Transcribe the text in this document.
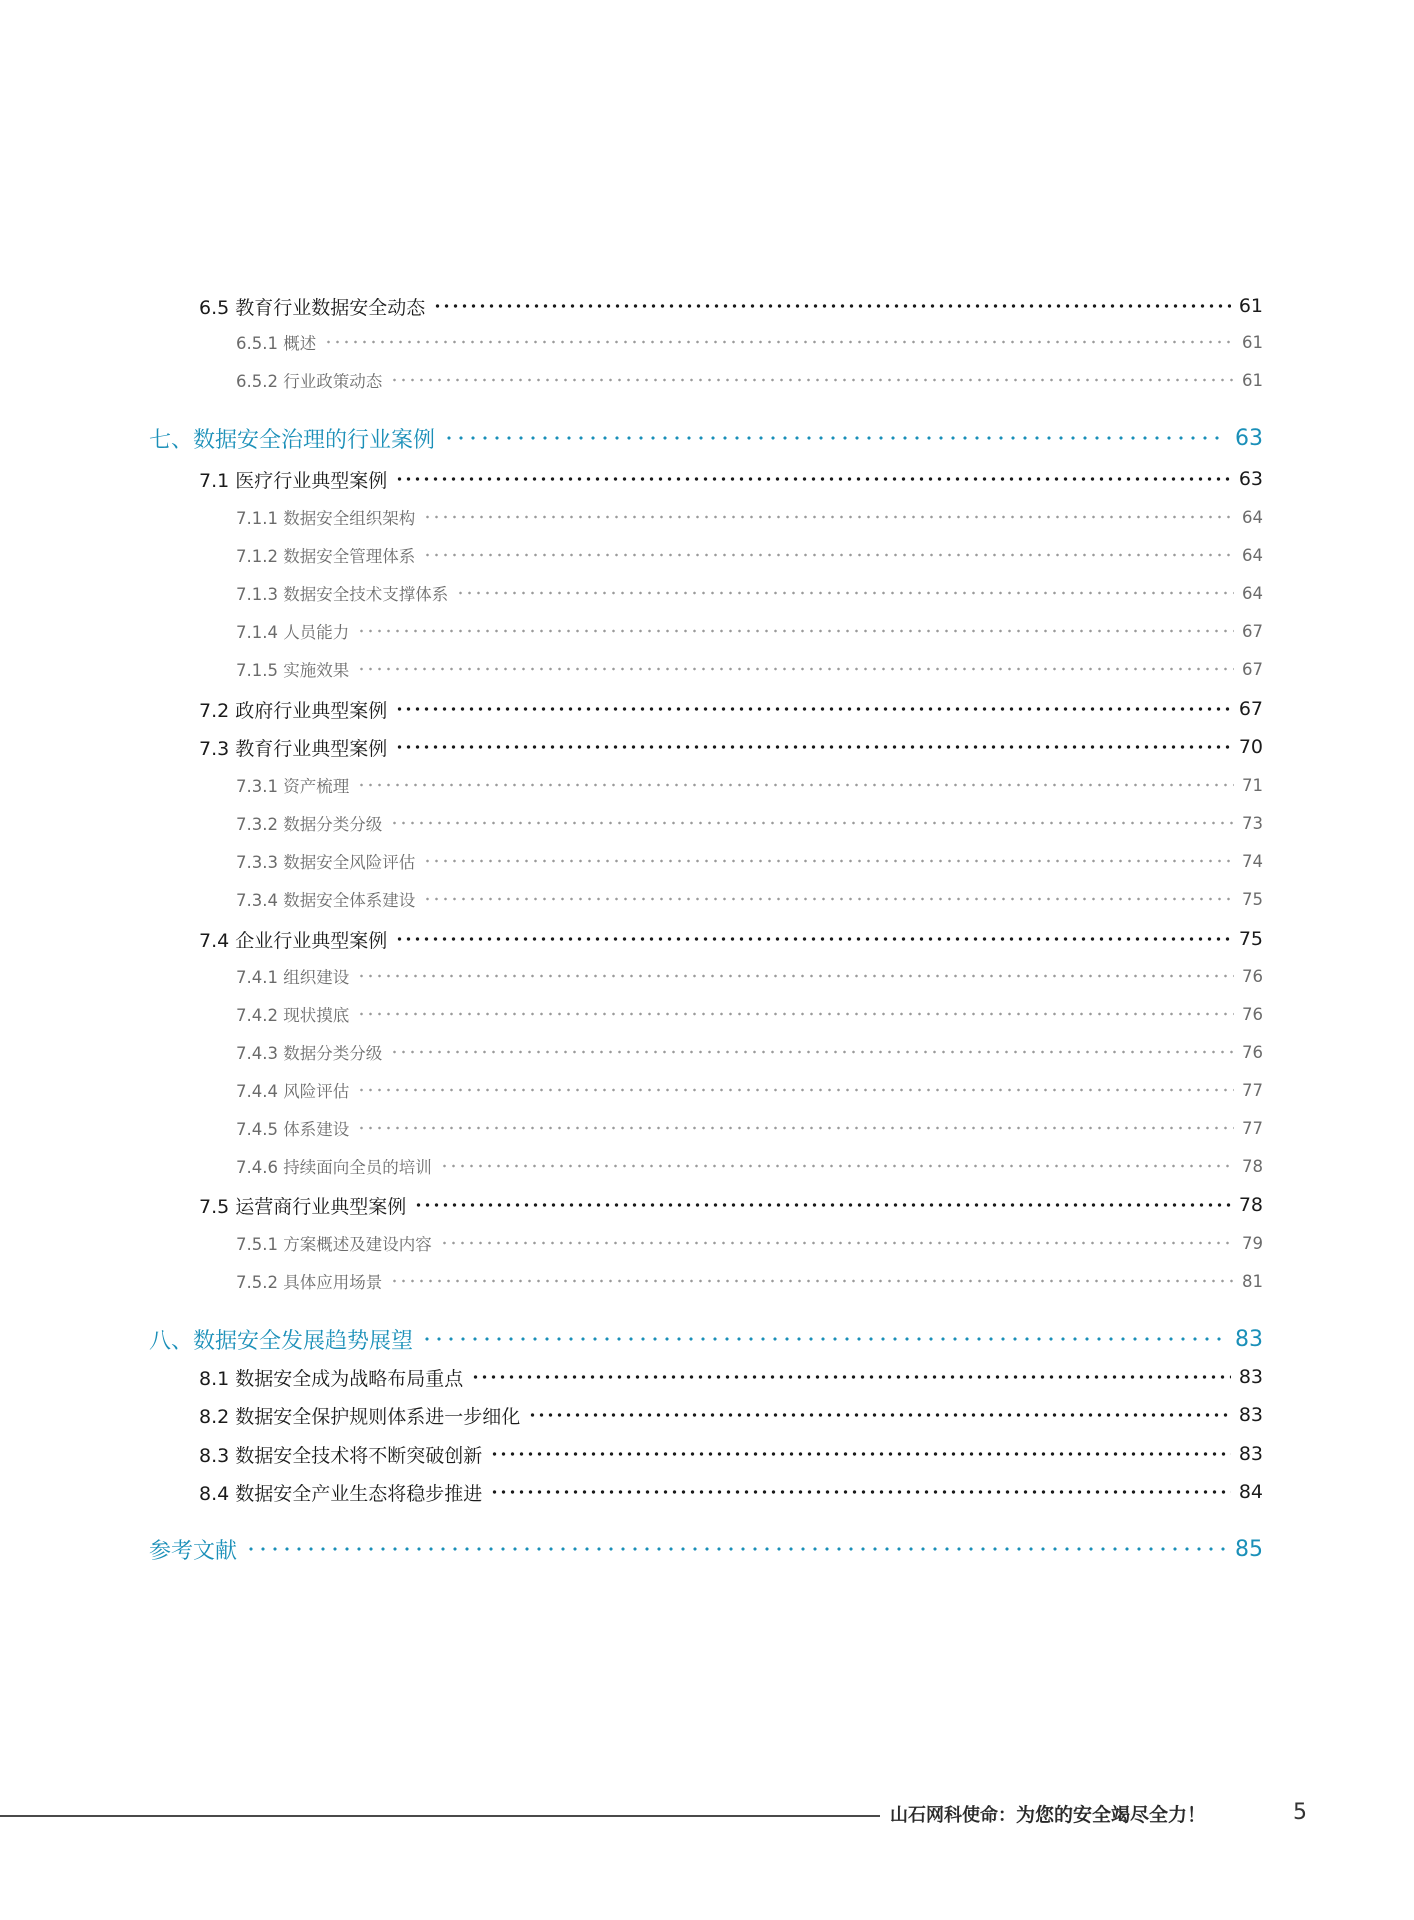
6.5 教育行业数据安全动态	61
6.5.1 概述	61
6.5.2 行业政策动态	61
七、数据安全治理的行业案例	63
7.1 医疗行业典型案例	63
7.1.1 数据安全组织架构	64
7.1.2 数据安全管理体系	64
7.1.3 数据安全技术支撑体系	64
7.1.4 人员能力	67
7.1.5 实施效果	67
7.2 政府行业典型案例	67
7.3 教育行业典型案例	70
7.3.1 资产梳理	71
7.3.2 数据分类分级	73
7.3.3 数据安全风险评估	74
7.3.4 数据安全体系建设	75
7.4 企业行业典型案例	75
7.4.1 组织建设	76
7.4.2 现状摸底	76
7.4.3 数据分类分级	76
7.4.4 风险评估	77
7.4.5 体系建设	77
7.4.6 持续面向全员的培训	78
7.5 运营商行业典型案例	78
7.5.1 方案概述及建设内容	79
7.5.2 具体应用场景	81
八、数据安全发展趋势展望	83
8.1 数据安全成为战略布局重点	83
8.2 数据安全保护规则体系进一步细化	83
8.3 数据安全技术将不断突破创新	83
8.4 数据安全产业生态将稳步推进	84
参考文献	85
山石网科使命：为您的安全竭尽全力！	5
